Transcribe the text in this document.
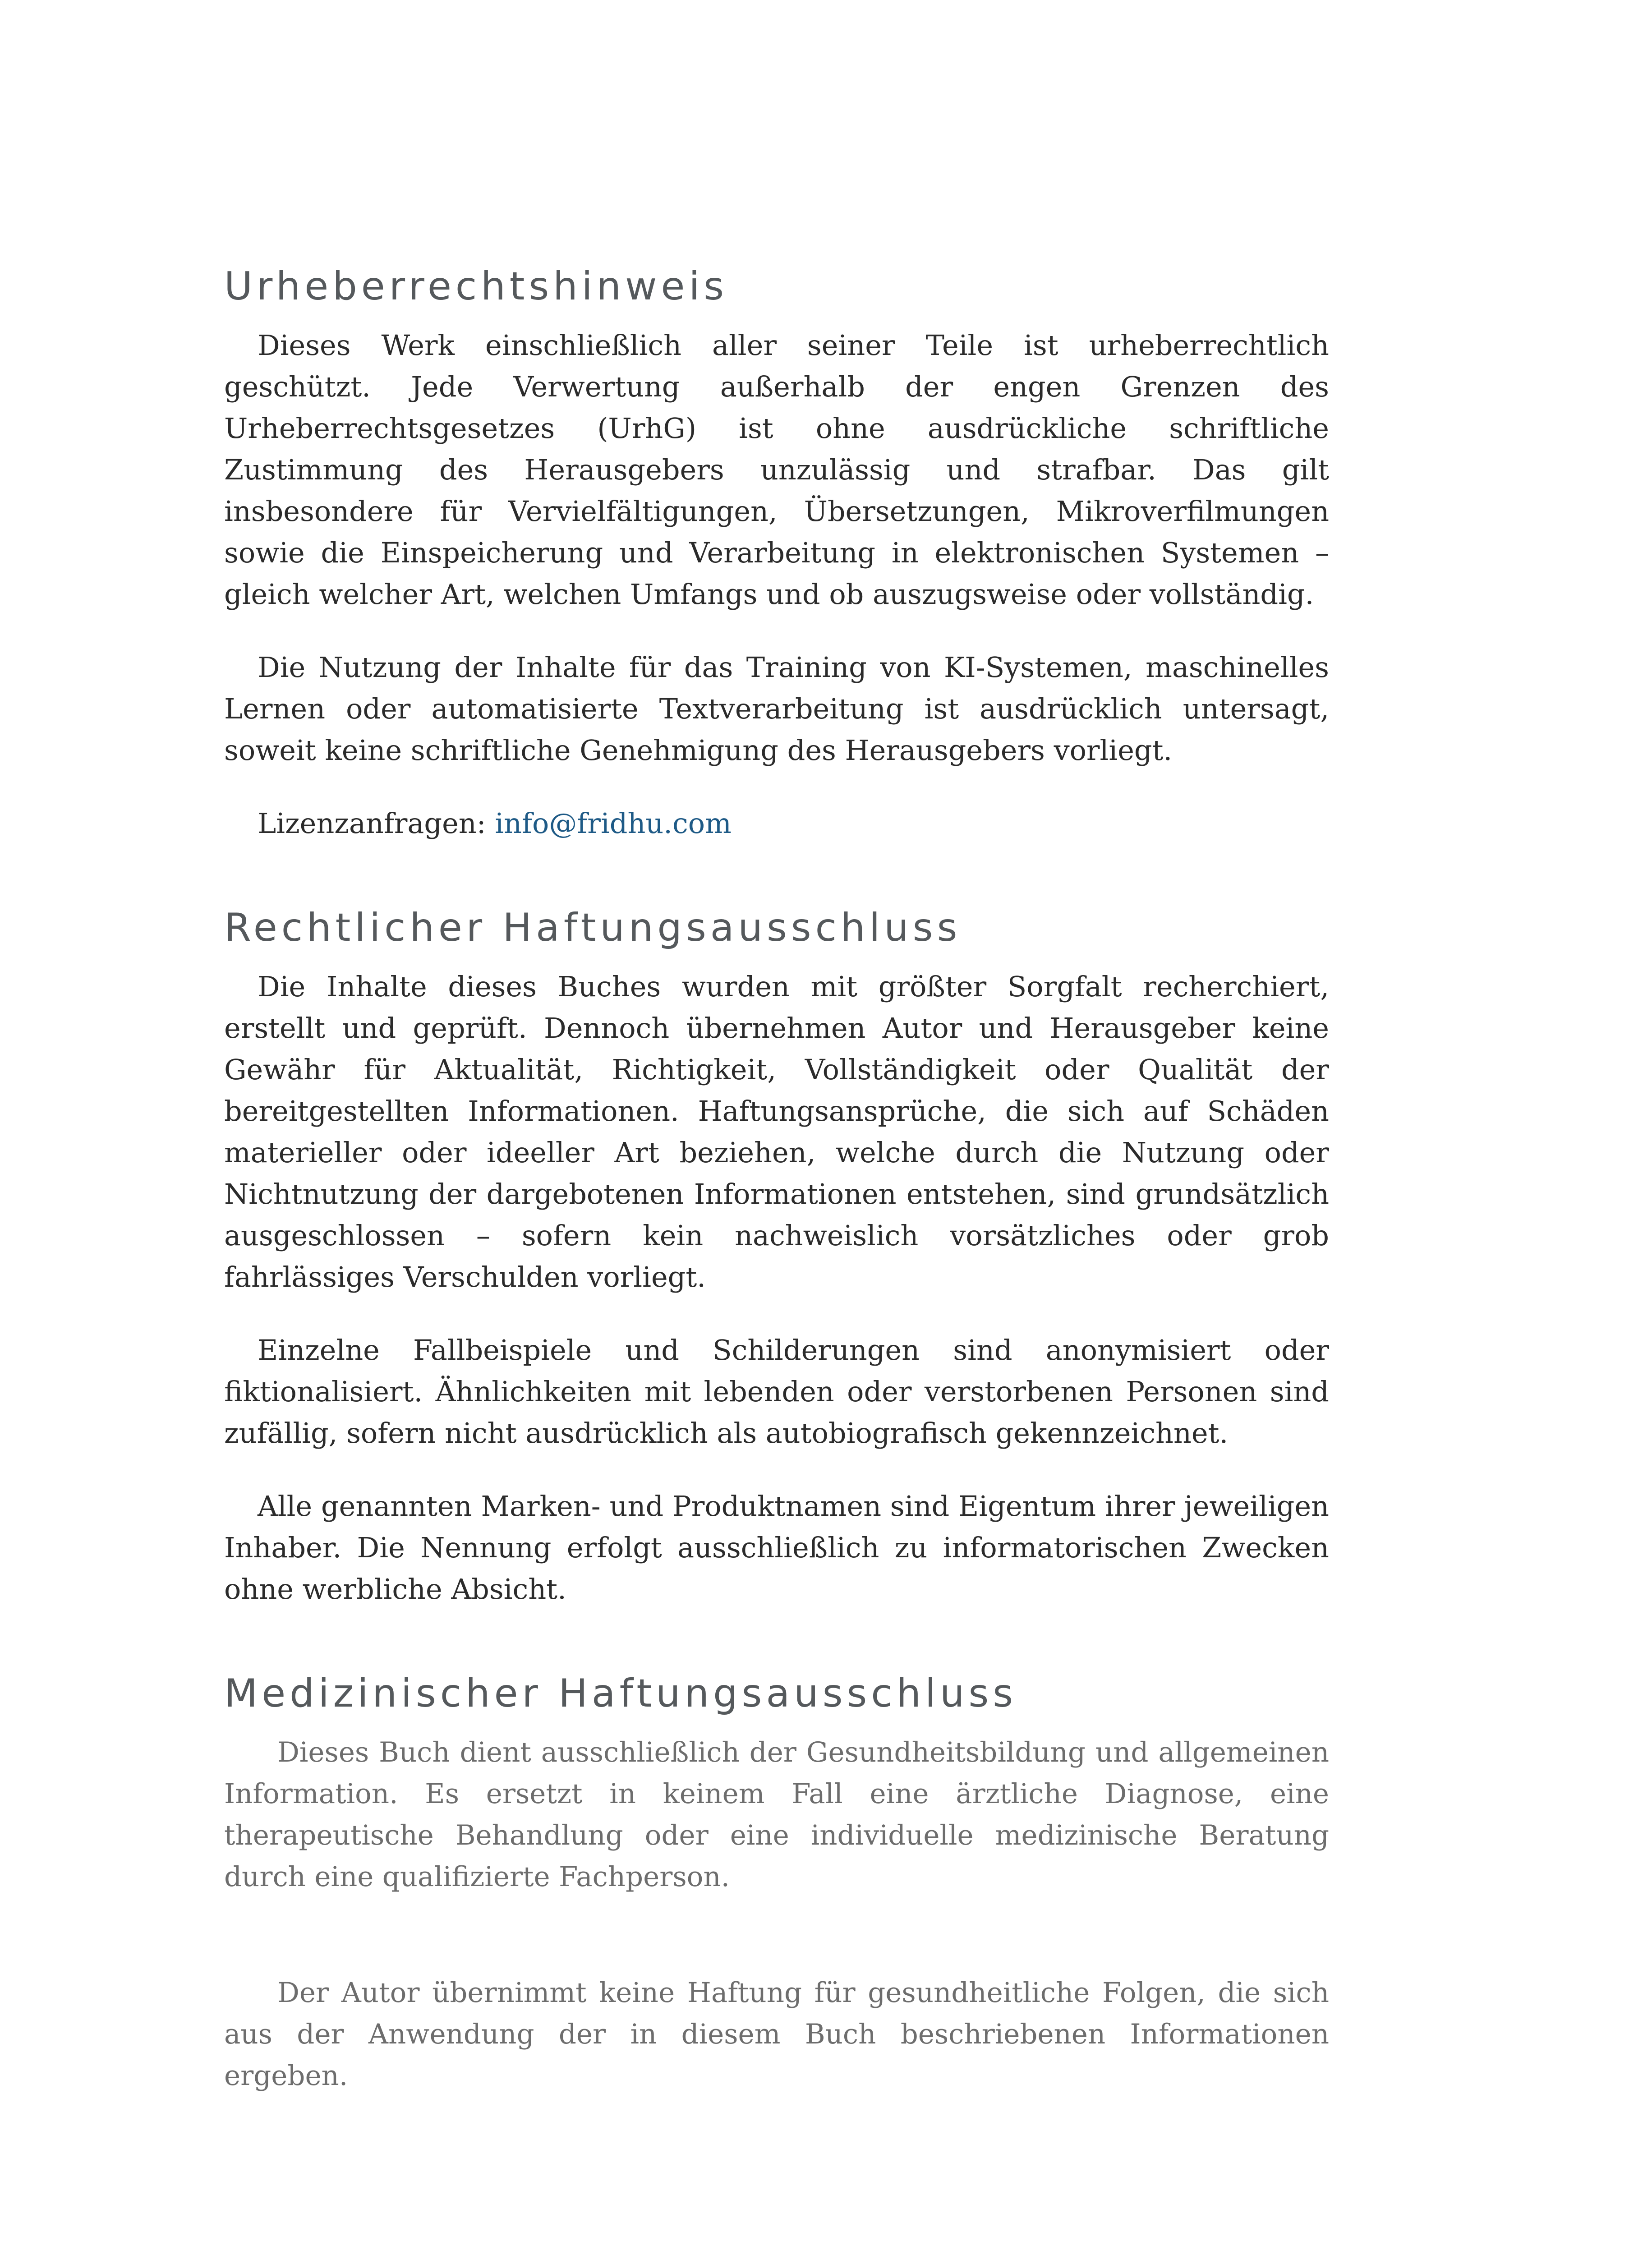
Urheberrechtshinweis

Dieses Werk einschließlich aller seiner Teile ist urheberrechtlich geschützt. Jede Verwertung außerhalb der engen Grenzen des Urheberrechtsgesetzes (UrhG) ist ohne ausdrückliche schriftliche Zustimmung des Herausgebers unzulässig und strafbar. Das gilt insbesondere für Vervielfältigungen, Übersetzungen, Mikroverfilmungen sowie die Einspeicherung und Verarbeitung in elektronischen Systemen – gleich welcher Art, welchen Umfangs und ob auszugsweise oder vollständig.

Die Nutzung der Inhalte für das Training von KI-Systemen, maschinelles Lernen oder automatisierte Textverarbeitung ist ausdrücklich untersagt, soweit keine schriftliche Genehmigung des Herausgebers vorliegt.

Lizenzanfragen: info@fridhu.com

Rechtlicher Haftungsausschluss

Die Inhalte dieses Buches wurden mit größter Sorgfalt recherchiert, erstellt und geprüft. Dennoch übernehmen Autor und Herausgeber keine Gewähr für Aktualität, Richtigkeit, Vollständigkeit oder Qualität der bereitgestellten Informationen. Haftungsansprüche, die sich auf Schäden materieller oder ideeller Art beziehen, welche durch die Nutzung oder Nichtnutzung der dargebotenen Informationen entstehen, sind grundsätzlich ausgeschlossen – sofern kein nachweislich vorsätzliches oder grob fahrlässiges Verschulden vorliegt.

Einzelne Fallbeispiele und Schilderungen sind anonymisiert oder fiktionalisiert. Ähnlichkeiten mit lebenden oder verstorbenen Personen sind zufällig, sofern nicht ausdrücklich als autobiografisch gekennzeichnet.

Alle genannten Marken- und Produktnamen sind Eigentum ihrer jeweiligen Inhaber. Die Nennung erfolgt ausschließlich zu informatorischen Zwecken ohne werbliche Absicht.

Medizinischer Haftungsausschluss

Dieses Buch dient ausschließlich der Gesundheitsbildung und allgemeinen Information. Es ersetzt in keinem Fall eine ärztliche Diagnose, eine therapeutische Behandlung oder eine individuelle medizinische Beratung durch eine qualifizierte Fachperson.

Der Autor übernimmt keine Haftung für gesundheitliche Folgen, die sich aus der Anwendung der in diesem Buch beschriebenen Informationen ergeben.
